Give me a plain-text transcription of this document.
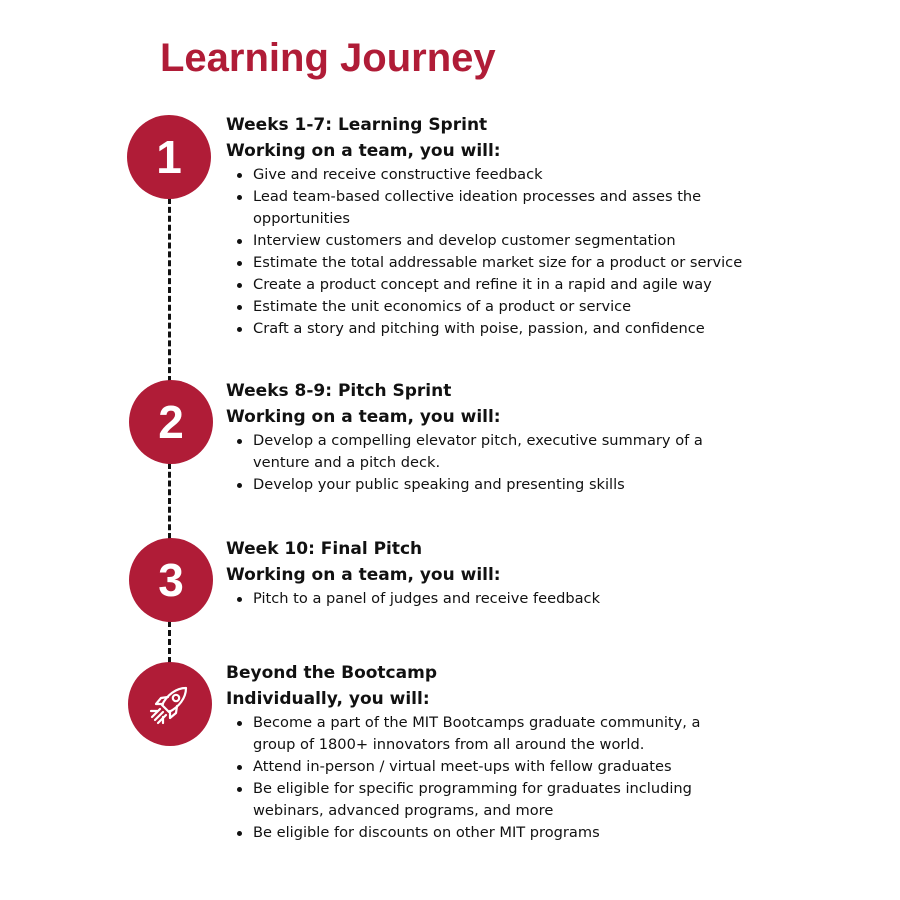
Learning Journey
1
2
3
Weeks 1-7: Learning Sprint
Working on a team, you will:
Give and receive constructive feedback
Lead team-based collective ideation processes and asses the opportunities
Interview customers and develop customer segmentation
Estimate the total addressable market size for a product or service
Create a product concept and refine it in a rapid and agile way
Estimate the unit economics of a product or service
Craft a story and pitching with poise, passion, and confidence
Weeks 8-9: Pitch Sprint
Working on a team, you will:
Develop a compelling elevator pitch, executive summary of a venture and a pitch deck.
Develop your public speaking and presenting skills
Week 10: Final Pitch
Working on a team, you will:
Pitch to a panel of judges and receive feedback
Beyond the Bootcamp
Individually, you will:
Become a part of the MIT Bootcamps graduate community, a group of 1800+ innovators from all around the world.
Attend in-person / virtual meet-ups with fellow graduates
Be eligible for specific programming for graduates including webinars, advanced programs, and more
Be eligible for discounts on other MIT programs
